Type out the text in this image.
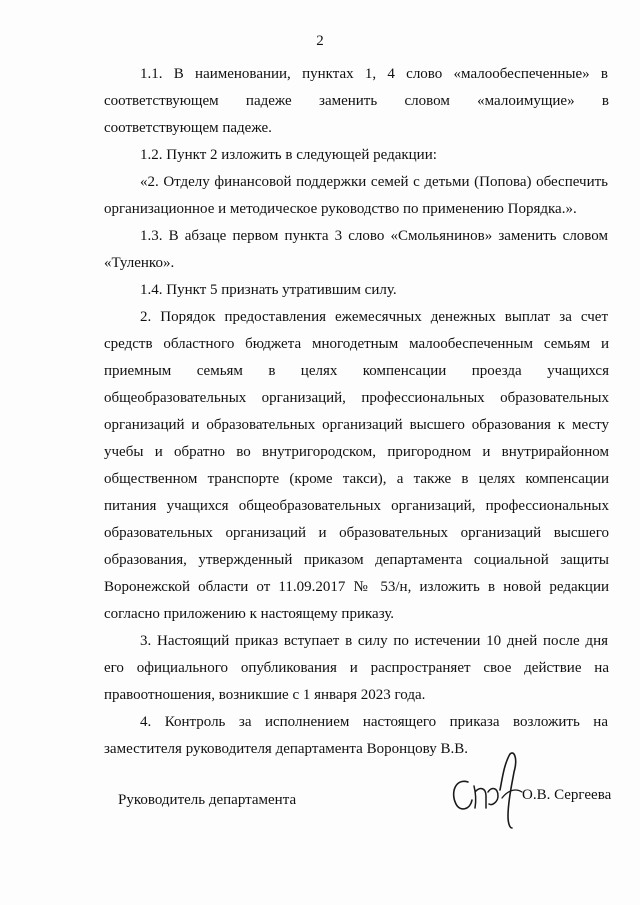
2
1.1. В наименовании, пунктах 1, 4 слово «малообеспеченные» в
соответствующем падеже заменить словом «малоимущие» в
соответствующем падеже.
1.2. Пункт 2 изложить в следующей редакции:
«2. Отделу финансовой поддержки семей с детьми (Попова) обеспечить
организационное и методическое руководство по применению Порядка.».
1.3. В абзаце первом пункта 3 слово «Смольянинов» заменить словом
«Туленко».
1.4. Пункт 5 признать утратившим силу.
2. Порядок предоставления ежемесячных денежных выплат за счет
средств областного бюджета многодетным малообеспеченным семьям и
приемным семьям в целях компенсации проезда учащихся
общеобразовательных организаций, профессиональных образовательных
организаций и образовательных организаций высшего образования к месту
учебы и обратно во внутригородском, пригородном и внутрирайонном
общественном транспорте (кроме такси), а также в целях компенсации
питания учащихся общеобразовательных организаций, профессиональных
образовательных организаций и образовательных организаций высшего
образования, утвержденный приказом департамента социальной защиты
Воронежской области от 11.09.2017 № 53/н, изложить в новой редакции
согласно приложению к настоящему приказу.
3. Настоящий приказ вступает в силу по истечении 10 дней после дня
его официального опубликования и распространяет свое действие на
правоотношения, возникшие с 1 января 2023 года.
4. Контроль за исполнением настоящего приказа возложить на
заместителя руководителя департамента Воронцову В.В.
Руководитель департамента	О.В. Сергеева
